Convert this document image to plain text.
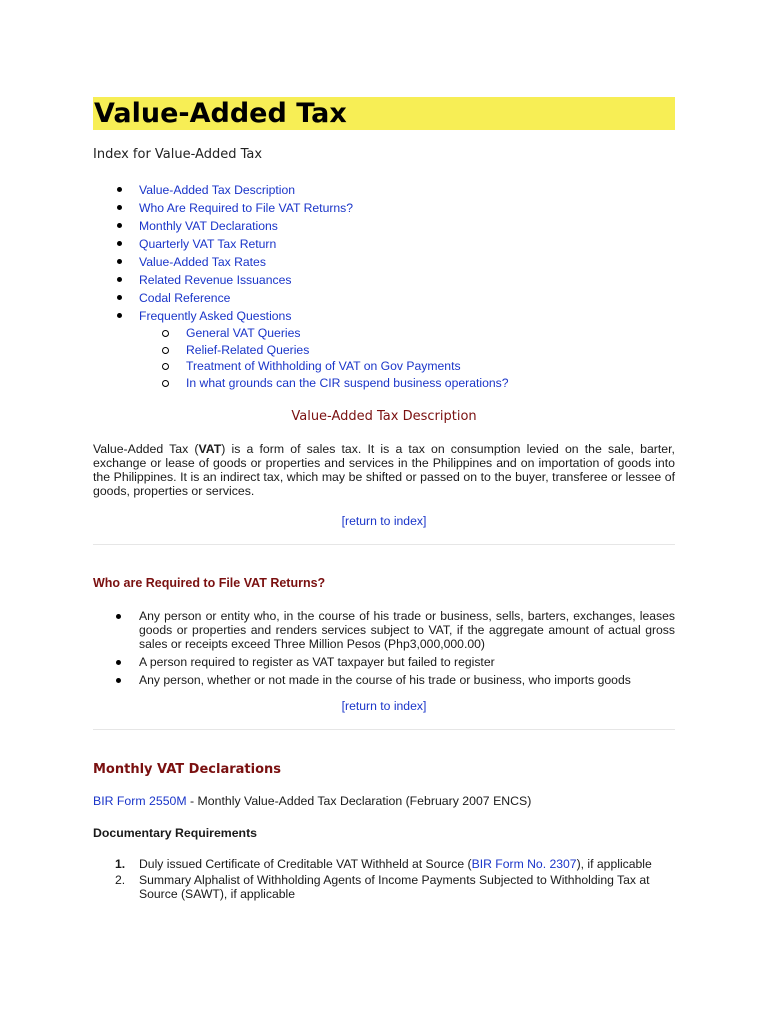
Value-Added Tax
Index for Value-Added Tax
Value-Added Tax Description
Who Are Required to File VAT Returns?
Monthly VAT Declarations
Quarterly VAT Tax Return
Value-Added Tax Rates
Related Revenue Issuances
Codal Reference
Frequently Asked Questions
General VAT Queries
Relief-Related Queries
Treatment of Withholding of VAT on Gov Payments
In what grounds can the CIR suspend business operations?
Value-Added Tax Description

Value-Added Tax (VAT) is a form of sales tax. It is a tax on consumption levied on the sale, barter, exchange or lease of goods or properties and services in the Philippines and on importation of goods into the Philippines. It is an indirect tax, which may be shifted or passed on to the buyer, transferee or lessee of goods, properties or services.

[return to index]
Who are Required to File VAT Returns?
Any person or entity who, in the course of his trade or business, sells, barters, exchanges, leases goods or properties and renders services subject to VAT, if the aggregate amount of actual gross sales or receipts exceed Three Million Pesos (Php3,000,000.00)
A person required to register as VAT taxpayer but failed to register
Any person, whether or not made in the course of his trade or business, who imports goods
[return to index]
Monthly VAT Declarations
BIR Form 2550M - Monthly Value-Added Tax Declaration (February 2007 ENCS)
Documentary Requirements
1. Duly issued Certificate of Creditable VAT Withheld at Source (BIR Form No. 2307), if applicable
2. Summary Alphalist of Withholding Agents of Income Payments Subjected to Withholding Tax at Source (SAWT), if applicable
